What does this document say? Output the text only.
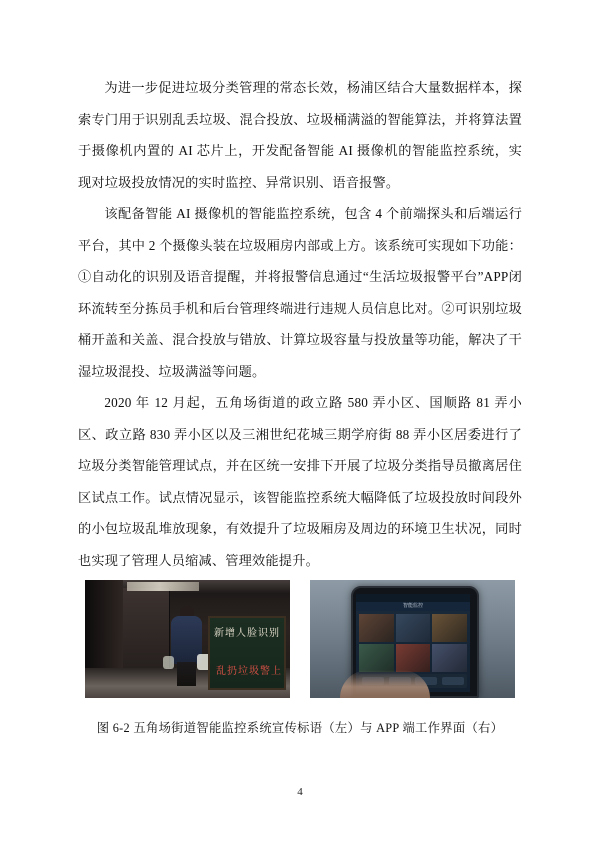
为进一步促进垃圾分类管理的常态长效，杨浦区结合大量数据样本，探索专门用于识别乱丢垃圾、混合投放、垃圾桶满溢的智能算法，并将算法置于摄像机内置的 AI 芯片上，开发配备智能 AI 摄像机的智能监控系统，实现对垃圾投放情况的实时监控、异常识别、语音报警。

该配备智能 AI 摄像机的智能监控系统，包含 4 个前端探头和后端运行平台，其中 2 个摄像头装在垃圾厢房内部或上方。该系统可实现如下功能：①自动化的识别及语音提醒，并将报警信息通过“生活垃圾报警平台”APP闭环流转至分拣员手机和后台管理终端进行违规人员信息比对。②可识别垃圾桶开盖和关盖、混合投放与错放、计算垃圾容量与投放量等功能，解决了干湿垃圾混投、垃圾满溢等问题。

2020 年 12 月起，五角场街道的政立路 580 弄小区、国顺路 81 弄小区、政立路 830 弄小区以及三湘世纪花城三期学府街 88 弄小区居委进行了垃圾分类智能管理试点，并在区统一安排下开展了垃圾分类指导员撤离居住区试点工作。试点情况显示，该智能监控系统大幅降低了垃圾投放时间段外的小包垃圾乱堆放现象，有效提升了垃圾厢房及周边的环境卫生状况，同时也实现了管理人员缩减、管理效能提升。

新增人脸识别
乱扔垃圾警上
智能监控
图 6-2 五角场街道智能监控系统宣传标语（左）与 APP 端工作界面（右）
4
